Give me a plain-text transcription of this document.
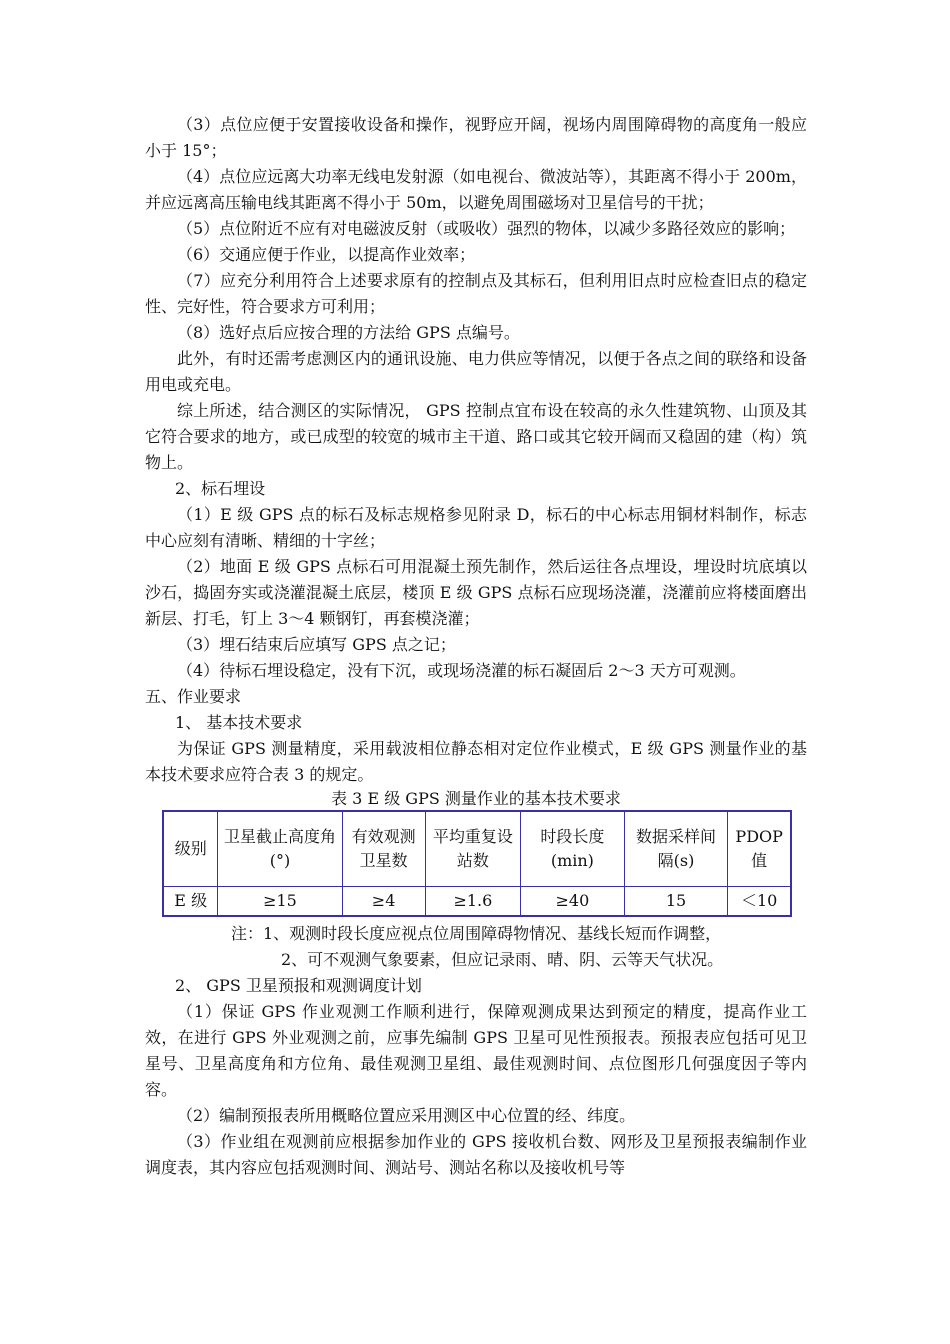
（3）点位应便于安置接收设备和操作，视野应开阔，视场内周围障碍物的高度角一般应小于 15°；

（4）点位应远离大功率无线电发射源（如电视台、微波站等），其距离不得小于 200m，并应远离高压输电线其距离不得小于 50m，以避免周围磁场对卫星信号的干扰；

（5）点位附近不应有对电磁波反射（或吸收）强烈的物体，以减少多路径效应的影响；

（6）交通应便于作业，以提高作业效率；

（7）应充分利用符合上述要求原有的控制点及其标石，但利用旧点时应检查旧点的稳定性、完好性，符合要求方可利用；

（8）选好点后应按合理的方法给 GPS 点编号。

此外，有时还需考虑测区内的通讯设施、电力供应等情况，以便于各点之间的联络和设备用电或充电。

综上所述，结合测区的实际情况， GPS 控制点宜布设在较高的永久性建筑物、山顶及其它符合要求的地方，或已成型的较宽的城市主干道、路口或其它较开阔而又稳固的建（构）筑物上。

2、标石埋设

（1）E 级 GPS 点的标石及标志规格参见附录 D，标石的中心标志用铜材料制作，标志中心应刻有清晰、精细的十字丝；

（2）地面 E 级 GPS 点标石可用混凝土预先制作，然后运往各点埋设，埋设时坑底填以沙石，捣固夯实或浇灌混凝土底层，楼顶 E 级 GPS 点标石应现场浇灌，浇灌前应将楼面磨出新层、打毛，钉上 3～4 颗钢钉，再套模浇灌；

（3）埋石结束后应填写 GPS 点之记；

（4）待标石埋设稳定，没有下沉，或现场浇灌的标石凝固后 2～3 天方可观测。

五、作业要求

1、 基本技术要求

为保证 GPS 测量精度，采用载波相位静态相对定位作业模式，E 级 GPS 测量作业的基本技术要求应符合表 3 的规定。

表 3 E 级 GPS 测量作业的基本技术要求

级别	卫星截止高度角(°)	有效观测卫星数	平均重复设站数	时段长度(min)	数据采样间隔(s)	PDOP值
E 级	≥15	≥4	≥1.6	≥40	15	＜10
注：1、观测时段长度应视点位周围障碍物情况、基线长短而作调整，
2、可不观测气象要素，但应记录雨、晴、阴、云等天气状况。

2、 GPS 卫星预报和观测调度计划

（1）保证 GPS 作业观测工作顺利进行，保障观测成果达到预定的精度，提高作业工效，在进行 GPS 外业观测之前，应事先编制 GPS 卫星可见性预报表。预报表应包括可见卫星号、卫星高度角和方位角、最佳观测卫星组、最佳观测时间、点位图形几何强度因子等内容。

（2）编制预报表所用概略位置应采用测区中心位置的经、纬度。

（3）作业组在观测前应根据参加作业的 GPS 接收机台数、网形及卫星预报表编制作业调度表，其内容应包括观测时间、测站号、测站名称以及接收机号等
